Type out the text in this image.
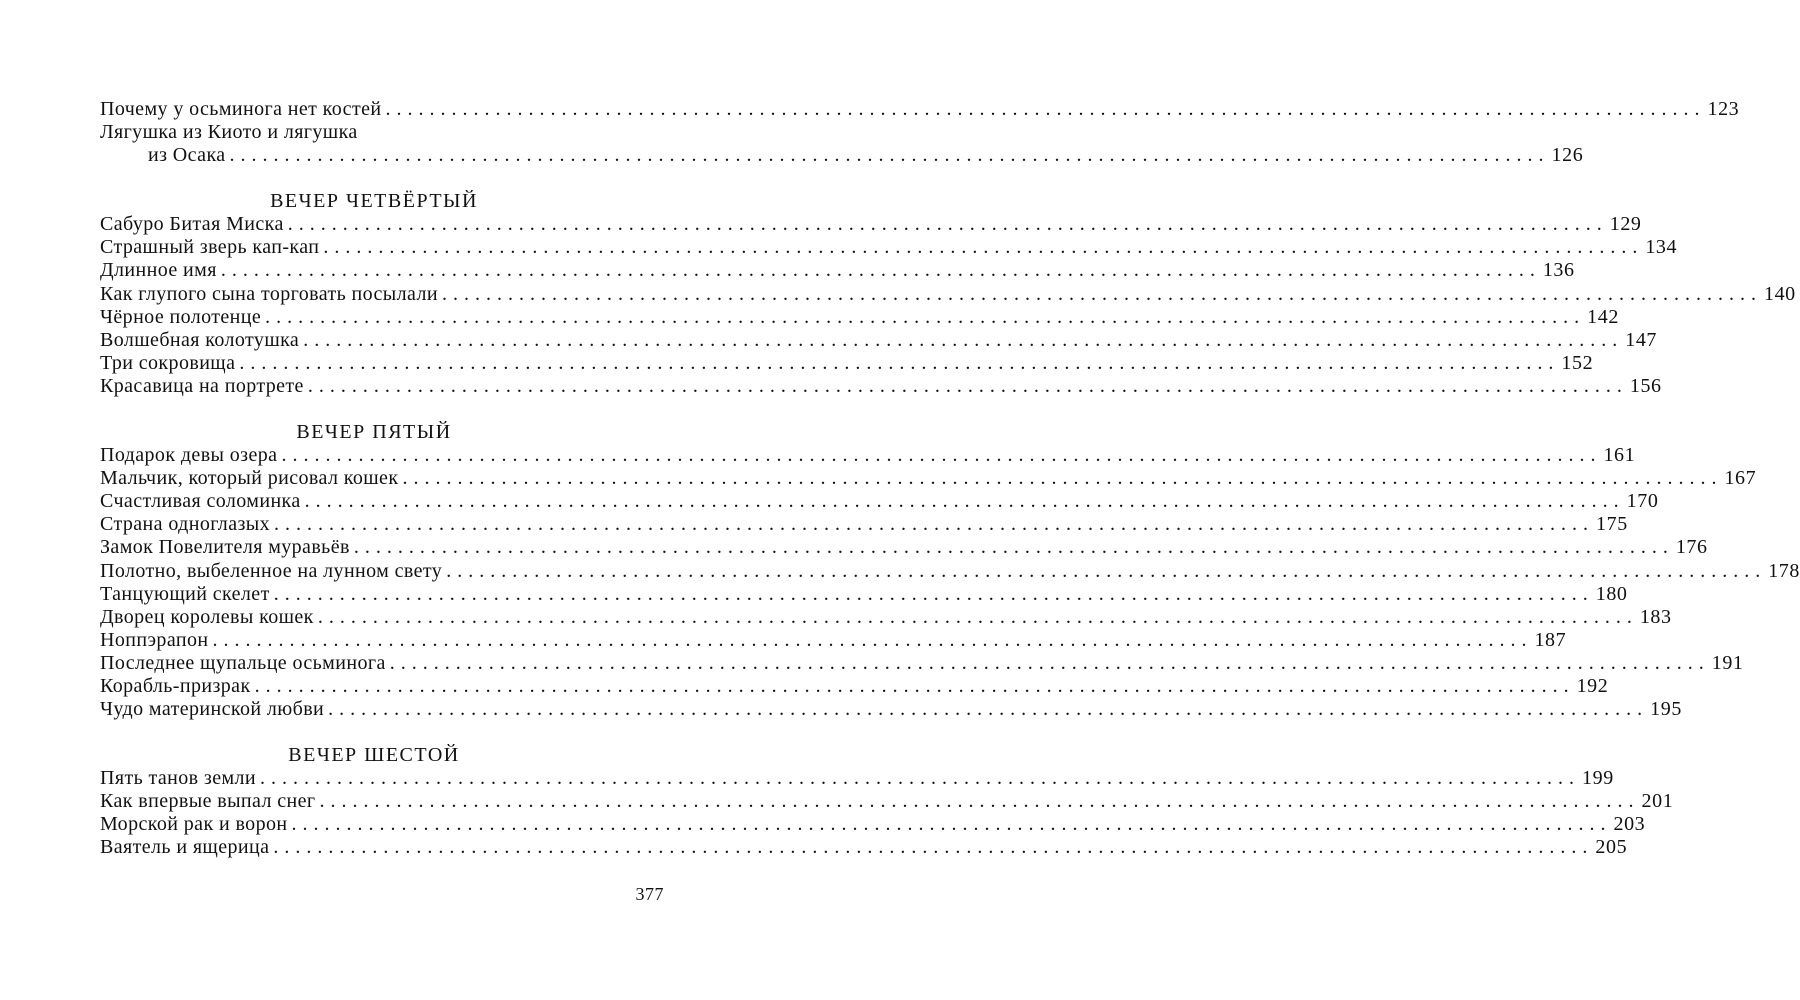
Почему у осьминога нет костей ........................................................................................................................ 123
Лягушка из Киото и лягушка
из Осака ........................................................................................................................ 126
ВЕЧЕР ЧЕТВЁРТЫЙ
Сабуро Битая Миска ........................................................................................................................ 129
Страшный зверь кап-кап ........................................................................................................................ 134
Длинное имя ........................................................................................................................ 136
Как глупого сына торговать посылали ........................................................................................................................ 140
Чёрное полотенце ........................................................................................................................ 142
Волшебная колотушка ........................................................................................................................ 147
Три сокровища ........................................................................................................................ 152
Красавица на портрете ........................................................................................................................ 156
ВЕЧЕР ПЯТЫЙ
Подарок девы озера ........................................................................................................................ 161
Мальчик, который рисовал кошек ........................................................................................................................ 167
Счастливая соломинка ........................................................................................................................ 170
Страна одноглазых ........................................................................................................................ 175
Замок Повелителя муравьёв ........................................................................................................................ 176
Полотно, выбеленное на лунном свету ........................................................................................................................ 178
Танцующий скелет ........................................................................................................................ 180
Дворец королевы кошек ........................................................................................................................ 183
Ноппэрапон ........................................................................................................................ 187
Последнее щупальце осьминога ........................................................................................................................ 191
Корабль-призрак ........................................................................................................................ 192
Чудо материнской любви ........................................................................................................................ 195
ВЕЧЕР ШЕСТОЙ
Пять танов земли ........................................................................................................................ 199
Как впервые выпал снег ........................................................................................................................ 201
Морской рак и ворон ........................................................................................................................ 203
Ваятель и ящерица ........................................................................................................................ 205
377
